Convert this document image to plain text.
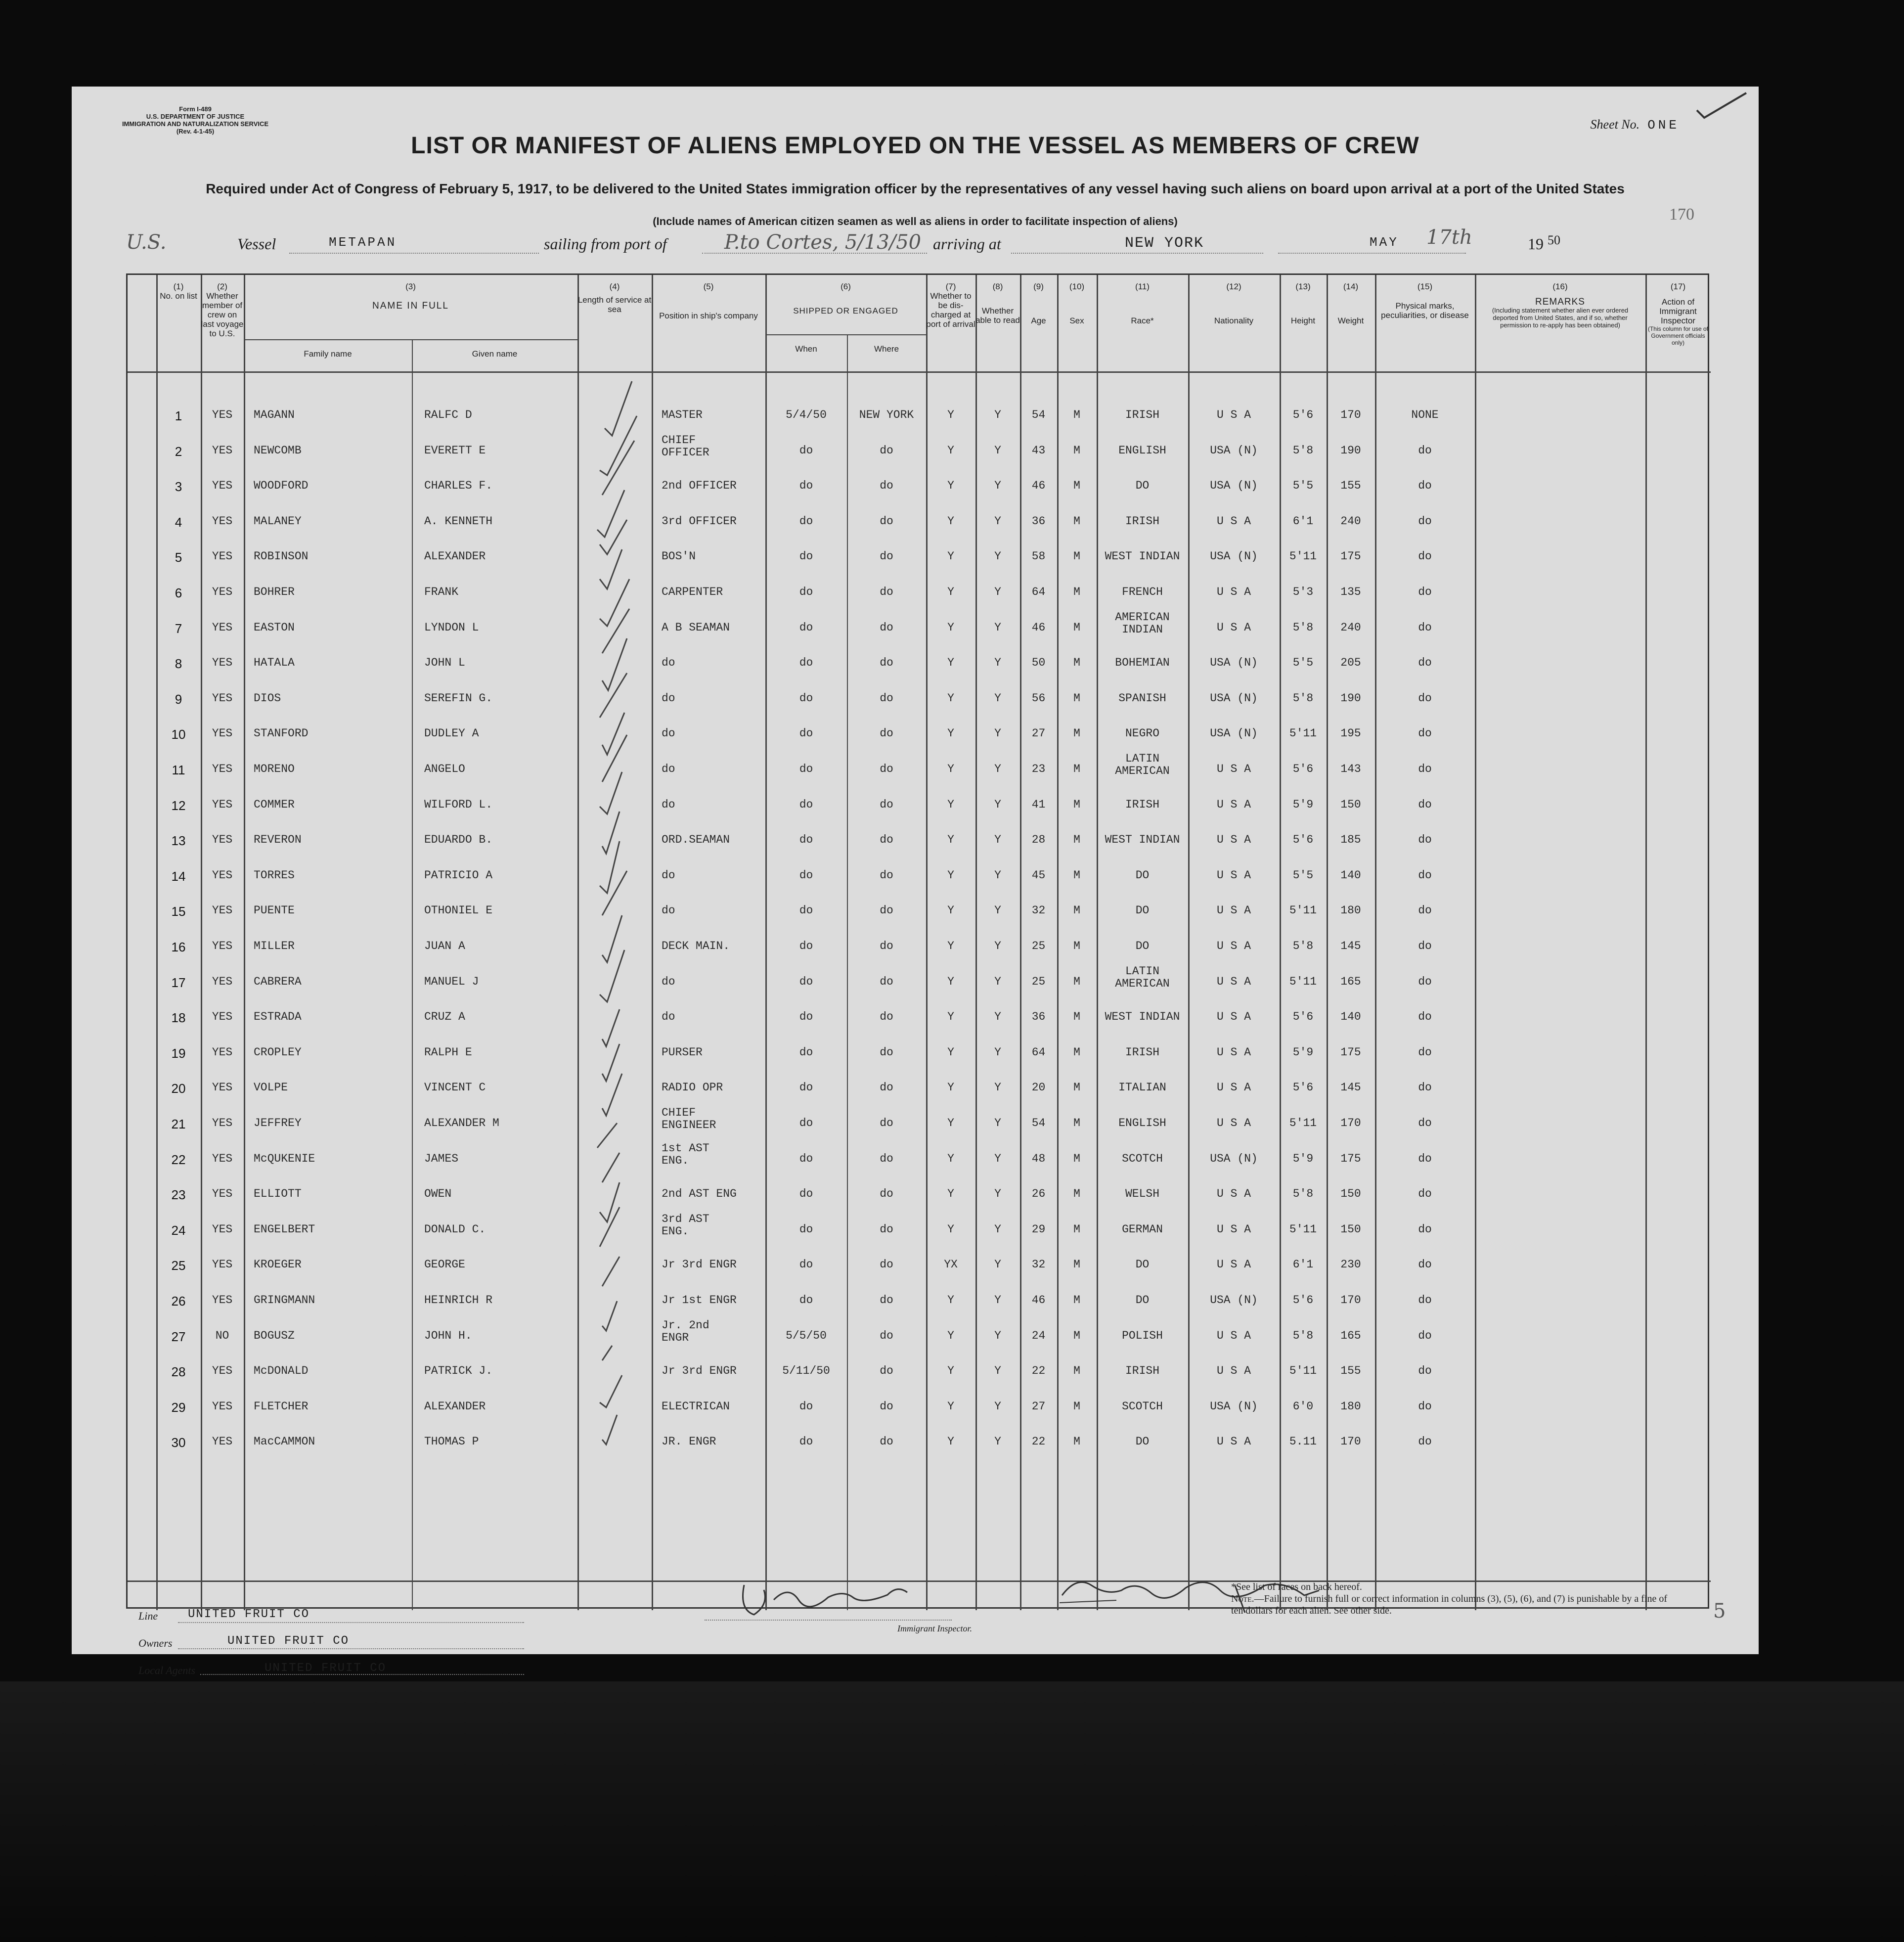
Form I-489
U.S. DEPARTMENT OF JUSTICE
IMMIGRATION AND NATURALIZATION SERVICE
(Rev. 4-1-45)	Sheet No. ONE
LIST OR MANIFEST OF ALIENS EMPLOYED ON THE VESSEL AS MEMBERS OF CREW
Required under Act of Congress of February 5, 1917, to be delivered to the United States immigration officer by the representatives of any vessel having such aliens on board upon arrival at a port of the United States
(Include names of American citizen seamen as well as aliens in order to facilitate inspection of aliens)	170
U.S.	Vessel	METAPAN	sailing from port of	P.to Cortes, 5/13/50 arriving at	NEW YORK	MAY 17th	19 50
(1)
No. on list
(2)
Whether member of crew on last voyage to U.S.
(3)
NAME IN FULL
Family name	Given name
(4)
Length of service at sea
(5)
Position in ship's company
(6)
SHIPPED OR ENGAGED
When	Where
(7)
Whether to be dis-charged at port of arrival
(8)
Whether able to read
(9)
Age
(10)
Sex
(11)
Race*
(12)
Nationality
(13)
Height
(14)
Weight
(15)
Physical marks, peculiarities, or disease
(16)
REMARKS
(Including statement whether alien ever ordered deported from United States, and if so, whether permission to re-apply has been obtained)
(17)
Action of Immigrant Inspector
(This column for use of Government officials only)
1	YES	MAGANN	RALFC D	MASTER	5/4/50	NEW YORK	Y	Y	54	M	IRISH	U S A	5'6	170	NONE
2	YES	NEWCOMB	EVERETT E
CHIEF OFFICER	do	do	Y	Y	43	M	ENGLISH	USA (N)	5'8	190	do
3	YES	WOODFORD	CHARLES F.	2nd OFFICER	do	do	Y	Y	46	M	DO	USA (N)	5'5	155	do
4	YES	MALANEY	A. KENNETH	3rd OFFICER	do	do	Y	Y	36	M	IRISH	U S A	6'1	240	do
5	YES	ROBINSON	ALEXANDER	BOS'N	do	do	Y	Y	58	M	WEST INDIAN	USA (N)	5'11	175	do
6	YES	BOHRER	FRANK	CARPENTER	do	do	Y	Y	64	M	FRENCH	U S A	5'3	135	do
7	YES	EASTON	LYNDON L	A B SEAMAN	do	do	Y	Y	46	M
AMERICAN INDIAN	U S A	5'8	240	do
8	YES	HATALA	JOHN L	do	do	do	Y	Y	50	M	BOHEMIAN	USA (N)	5'5	205	do
9	YES	DIOS	SEREFIN G.	do	do	do	Y	Y	56	M	SPANISH	USA (N)	5'8	190	do
10	YES	STANFORD	DUDLEY A	do	do	do	Y	Y	27	M	NEGRO	USA (N)	5'11	195	do
11	YES	MORENO	ANGELO	do	do	do	Y	Y	23	M
LATIN AMERICAN	U S A	5'6	143	do
12	YES	COMMER	WILFORD L.	do	do	do	Y	Y	41	M	IRISH	U S A	5'9	150	do
13	YES	REVERON	EDUARDO B.	ORD.SEAMAN	do	do	Y	Y	28	M	WEST INDIAN	U S A	5'6	185	do
14	YES	TORRES	PATRICIO A	do	do	do	Y	Y	45	M	DO	U S A	5'5	140	do
15	YES	PUENTE	OTHONIEL E	do	do	do	Y	Y	32	M	DO	U S A	5'11	180	do
16	YES	MILLER	JUAN A	DECK MAIN.	do	do	Y	Y	25	M	DO	U S A	5'8	145	do
17	YES	CABRERA	MANUEL J	do	do	do	Y	Y	25	M
LATIN AMERICAN	U S A	5'11	165	do
18	YES	ESTRADA	CRUZ A	do	do	do	Y	Y	36	M	WEST INDIAN	U S A	5'6	140	do
19	YES	CROPLEY	RALPH E	PURSER	do	do	Y	Y	64	M	IRISH	U S A	5'9	175	do
20	YES	VOLPE	VINCENT C	RADIO OPR	do	do	Y	Y	20	M	ITALIAN	U S A	5'6	145	do
21	YES	JEFFREY	ALEXANDER M
CHIEF ENGINEER	do	do	Y	Y	54	M	ENGLISH	U S A	5'11	170	do
22	YES	McQUKENIE	JAMES
1st AST ENG.	do	do	Y	Y	48	M	SCOTCH	USA (N)	5'9	175	do
23	YES	ELLIOTT	OWEN	2nd AST ENG	do	do	Y	Y	26	M	WELSH	U S A	5'8	150	do
24	YES	ENGELBERT	DONALD C.
3rd AST ENG.	do	do	Y	Y	29	M	GERMAN	U S A	5'11	150	do
25	YES	KROEGER	GEORGE	Jr 3rd ENGR	do	do	YX	Y	32	M	DO	U S A	6'1	230	do
26	YES	GRINGMANN	HEINRICH R	Jr 1st ENGR	do	do	Y	Y	46	M	DO	USA (N)	5'6	170	do
27	NO	BOGUSZ	JOHN H.
Jr. 2nd ENGR	5/5/50	do	Y	Y	24	M	POLISH	U S A	5'8	165	do
28	YES	McDONALD	PATRICK J.	Jr 3rd ENGR	5/11/50	do	Y	Y	22	M	IRISH	U S A	5'11	155	do
29	YES	FLETCHER	ALEXANDER	ELECTRICAN	do	do	Y	Y	27	M	SCOTCH	USA (N)	6'0	180	do
30	YES	MacCAMMON	THOMAS P	JR. ENGR	do	do	Y	Y	22	M	DO	U S A	5.11	170	do
Line	UNITED FRUIT CO
Owners	UNITED FRUIT CO
Local Agents	UNITED FRUIT CO
Immigrant Inspector.
*See list of races on back hereof.
Note.—Failure to furnish full or correct information in columns (3), (5), (6), and (7) is punishable by a fine of ten dollars for each alien. See other side.	5
